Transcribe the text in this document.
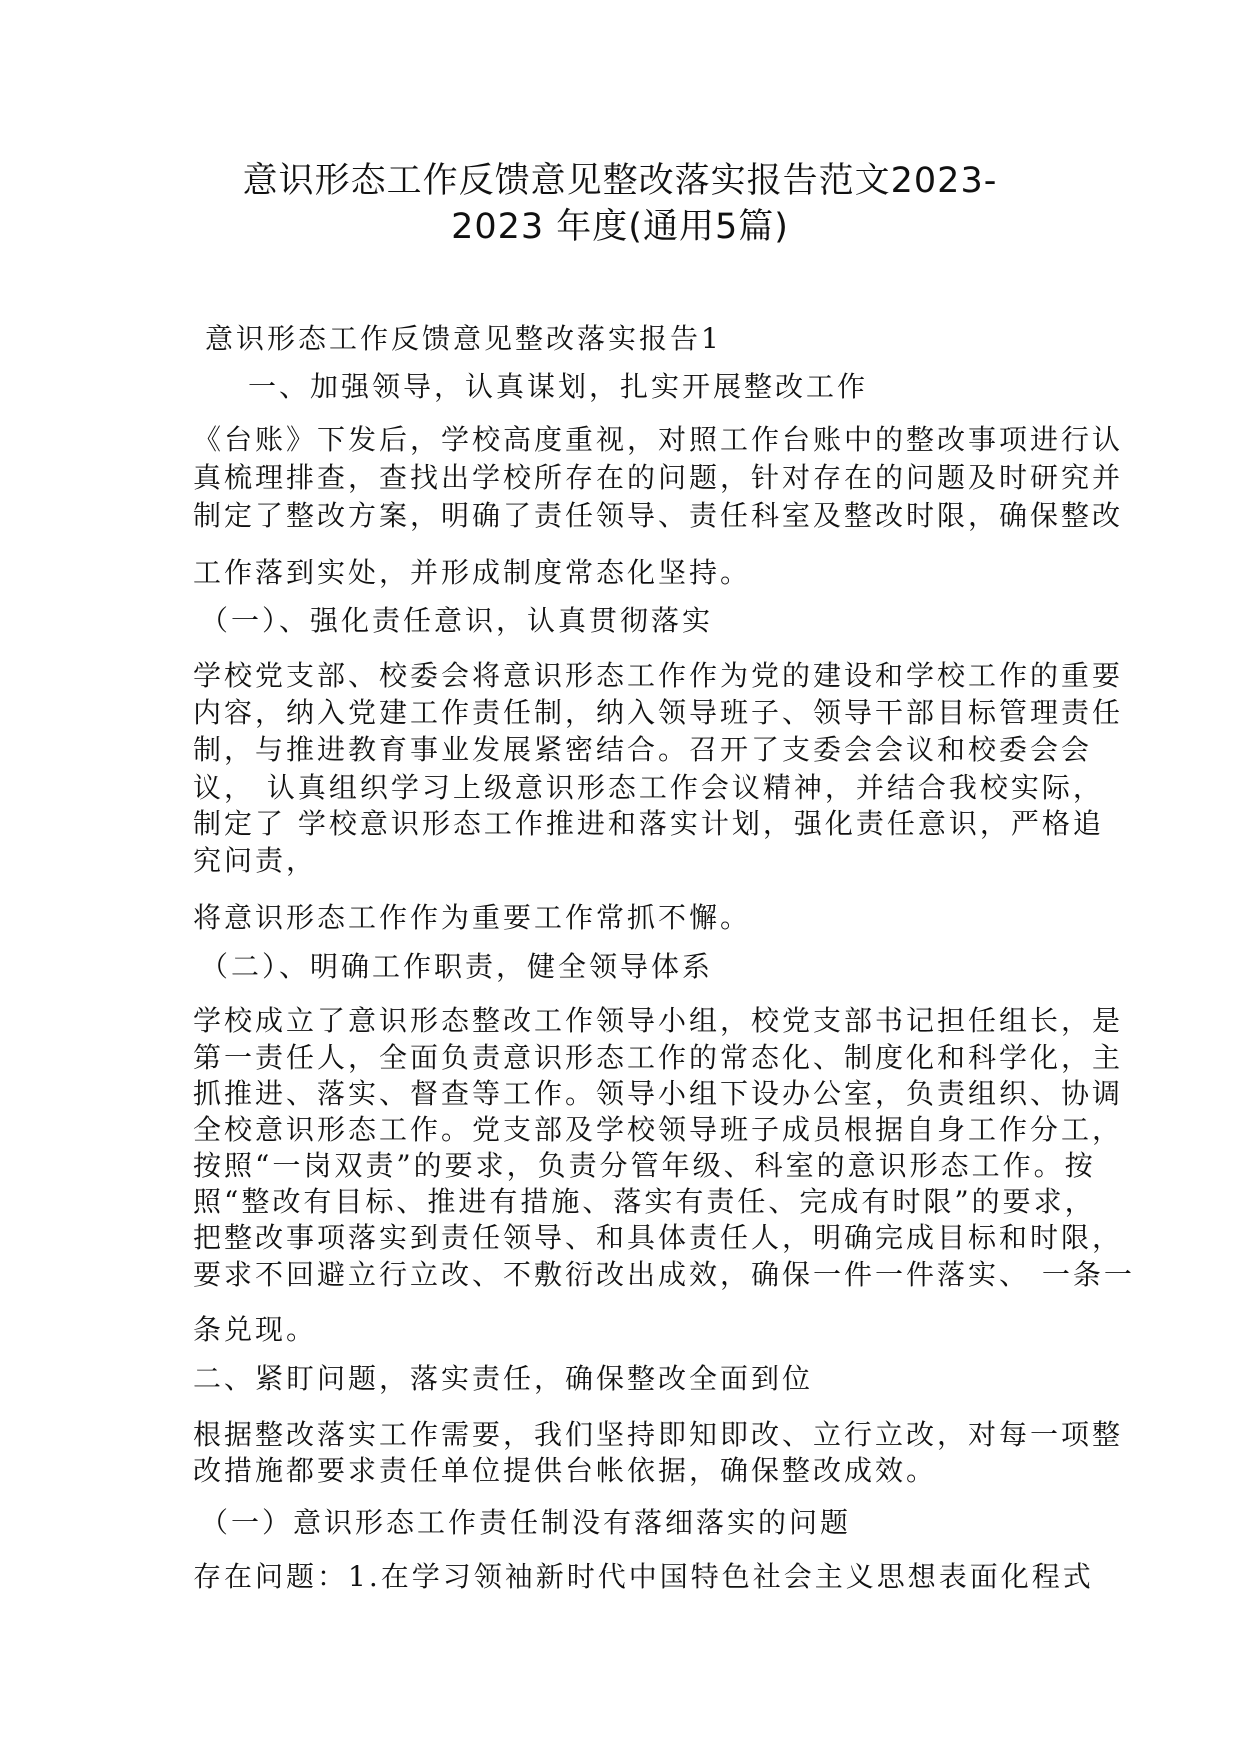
意识形态工作反馈意见整改落实报告范文2023-
2023 年度(通用5篇)
意识形态工作反馈意见整改落实报告1
一、加强领导，认真谋划，扎实开展整改工作
《台账》下发后，学校高度重视，对照工作台账中的整改事项进行认
真梳理排查，查找出学校所存在的问题，针对存在的问题及时研究并
制定了整改方案，明确了责任领导、责任科室及整改时限，确保整改
工作落到实处，并形成制度常态化坚持。
（一）、强化责任意识，认真贯彻落实
学校党支部、校委会将意识形态工作作为党的建设和学校工作的重要
内容，纳入党建工作责任制，纳入领导班子、领导干部目标管理责任
制，与推进教育事业发展紧密结合。召开了支委会会议和校委会会
议， 认真组织学习上级意识形态工作会议精神，并结合我校实际，
制定了 学校意识形态工作推进和落实计划，强化责任意识，严格追
究问责，
将意识形态工作作为重要工作常抓不懈。
（二）、明确工作职责，健全领导体系
学校成立了意识形态整改工作领导小组，校党支部书记担任组长，是
第一责任人，全面负责意识形态工作的常态化、制度化和科学化，主
抓推进、落实、督查等工作。领导小组下设办公室，负责组织、协调
全校意识形态工作。党支部及学校领导班子成员根据自身工作分工，
按照“一岗双责”的要求，负责分管年级、科室的意识形态工作。按
照“整改有目标、推进有措施、落实有责任、完成有时限”的要求，
把整改事项落实到责任领导、和具体责任人，明确完成目标和时限，
要求不回避立行立改、不敷衍改出成效，确保一件一件落实、 一条一
条兑现。
二、紧盯问题，落实责任，确保整改全面到位
根据整改落实工作需要，我们坚持即知即改、立行立改，对每一项整
改措施都要求责任单位提供台帐依据，确保整改成效。
（一）意识形态工作责任制没有落细落实的问题
存在问题：1.在学习领袖新时代中国特色社会主义思想表面化程式
